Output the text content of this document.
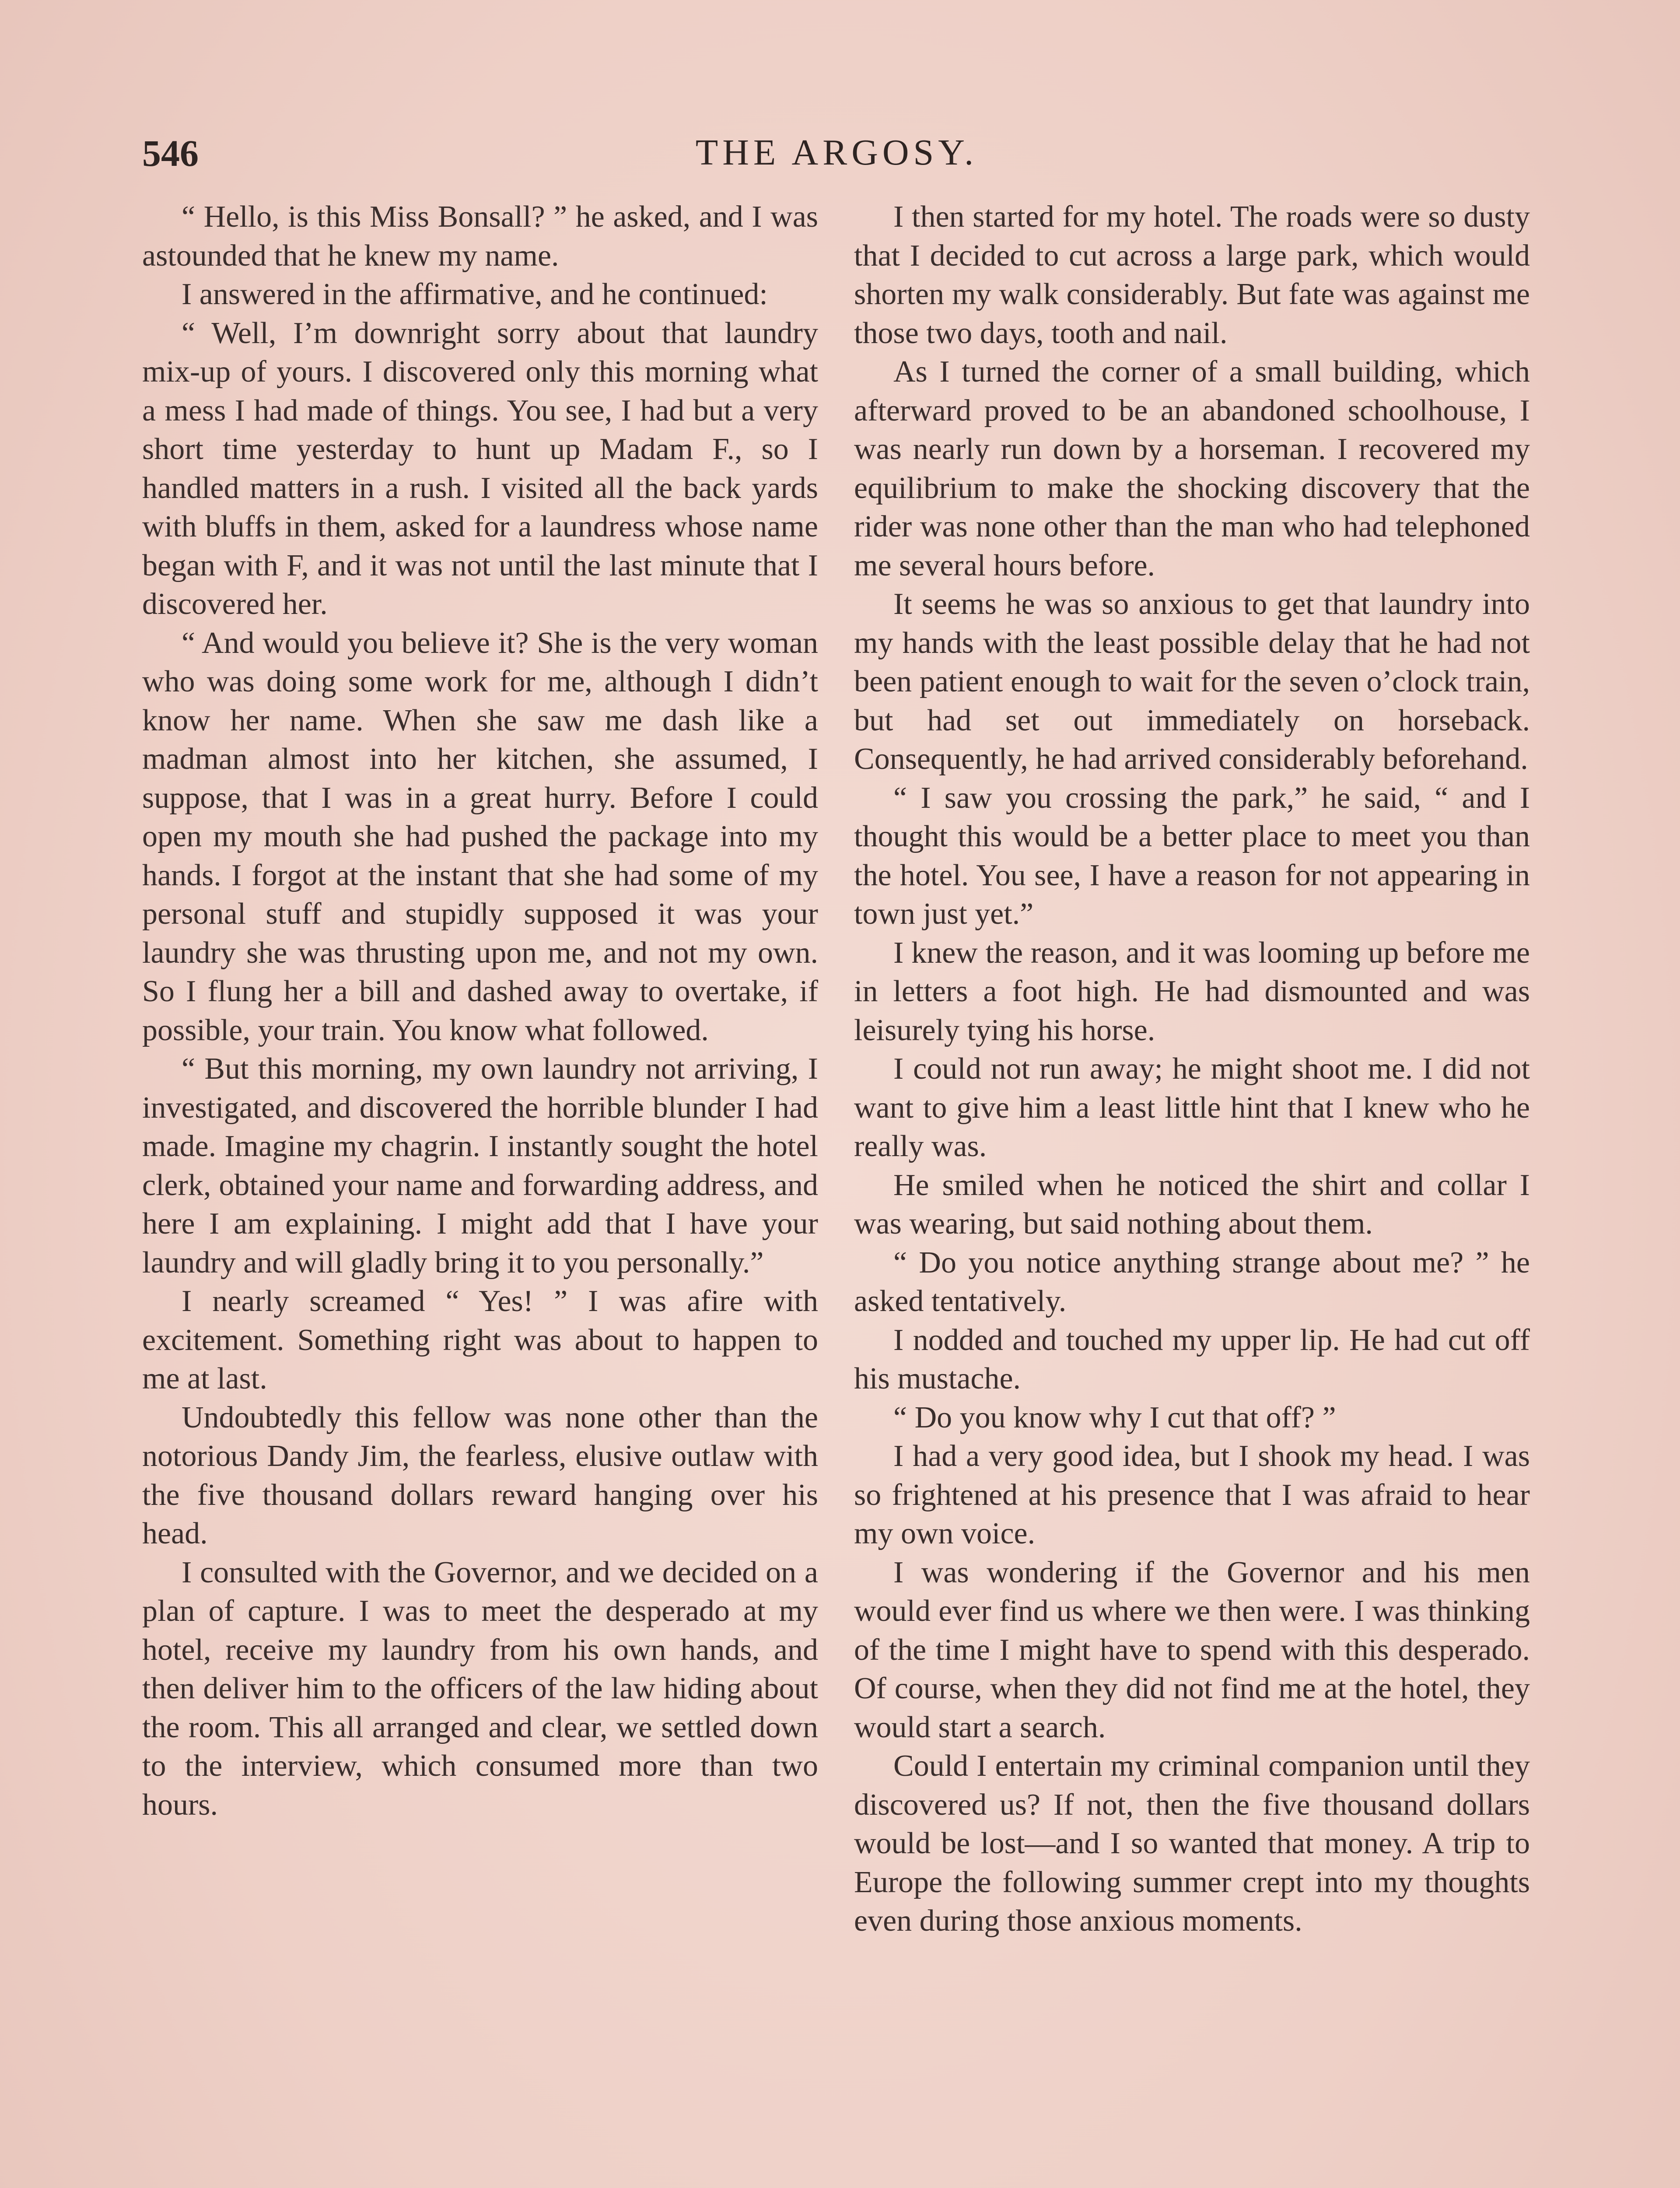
546	THE ARGOSY.

“ Hello, is this Miss Bonsall? ” he asked, and I was astounded that he knew my name.

I answered in the affirmative, and he continued:

“ Well, I’m downright sorry about that laundry mix-up of yours. I discovered only this morning what a mess I had made of things. You see, I had but a very short time yesterday to hunt up Madam F., so I handled matters in a rush. I visited all the back yards with bluffs in them, asked for a laundress whose name began with F, and it was not until the last minute that I discovered her.

“ And would you believe it? She is the very woman who was doing some work for me, although I didn’t know her name. When she saw me dash like a madman almost into her kitchen, she assumed, I suppose, that I was in a great hurry. Before I could open my mouth she had pushed the package into my hands. I forgot at the instant that she had some of my personal stuff and stupidly supposed it was your laundry she was thrusting upon me, and not my own. So I flung her a bill and dashed away to overtake, if possible, your train. You know what followed.

“ But this morning, my own laundry not arriving, I investigated, and discovered the horrible blunder I had made. Imagine my chagrin. I instantly sought the hotel clerk, obtained your name and forwarding address, and here I am explaining. I might add that I have your laundry and will gladly bring it to you personally.”

I nearly screamed “ Yes! ” I was afire with excitement. Something right was about to happen to me at last.

Undoubtedly this fellow was none other than the notorious Dandy Jim, the fearless, elusive outlaw with the five thousand dollars reward hanging over his head.

I consulted with the Governor, and we decided on a plan of capture. I was to meet the desperado at my hotel, receive my laundry from his own hands, and then deliver him to the officers of the law hiding about the room. This all arranged and clear, we settled down to the interview, which consumed more than two hours.

I then started for my hotel. The roads were so dusty that I decided to cut across a large park, which would shorten my walk considerably. But fate was against me those two days, tooth and nail.

As I turned the corner of a small building, which afterward proved to be an abandoned schoolhouse, I was nearly run down by a horseman. I recovered my equilibrium to make the shocking discovery that the rider was none other than the man who had telephoned me several hours before.

It seems he was so anxious to get that laundry into my hands with the least possible delay that he had not been patient enough to wait for the seven o’clock train, but had set out immediately on horseback. Consequently, he had arrived considerably beforehand.

“ I saw you crossing the park,” he said, “ and I thought this would be a better place to meet you than the hotel. You see, I have a reason for not appearing in town just yet.”

I knew the reason, and it was looming up before me in letters a foot high. He had dismounted and was leisurely tying his horse.

I could not run away; he might shoot me. I did not want to give him a least little hint that I knew who he really was.

He smiled when he noticed the shirt and collar I was wearing, but said nothing about them.

“ Do you notice anything strange about me? ” he asked tentatively.

I nodded and touched my upper lip. He had cut off his mustache.

“ Do you know why I cut that off? ”

I had a very good idea, but I shook my head. I was so frightened at his presence that I was afraid to hear my own voice.

I was wondering if the Governor and his men would ever find us where we then were. I was thinking of the time I might have to spend with this desperado. Of course, when they did not find me at the hotel, they would start a search.

Could I entertain my criminal companion until they discovered us? If not, then the five thousand dollars would be lost—and I so wanted that money. A trip to Europe the following summer crept into my thoughts even during those anxious moments.
